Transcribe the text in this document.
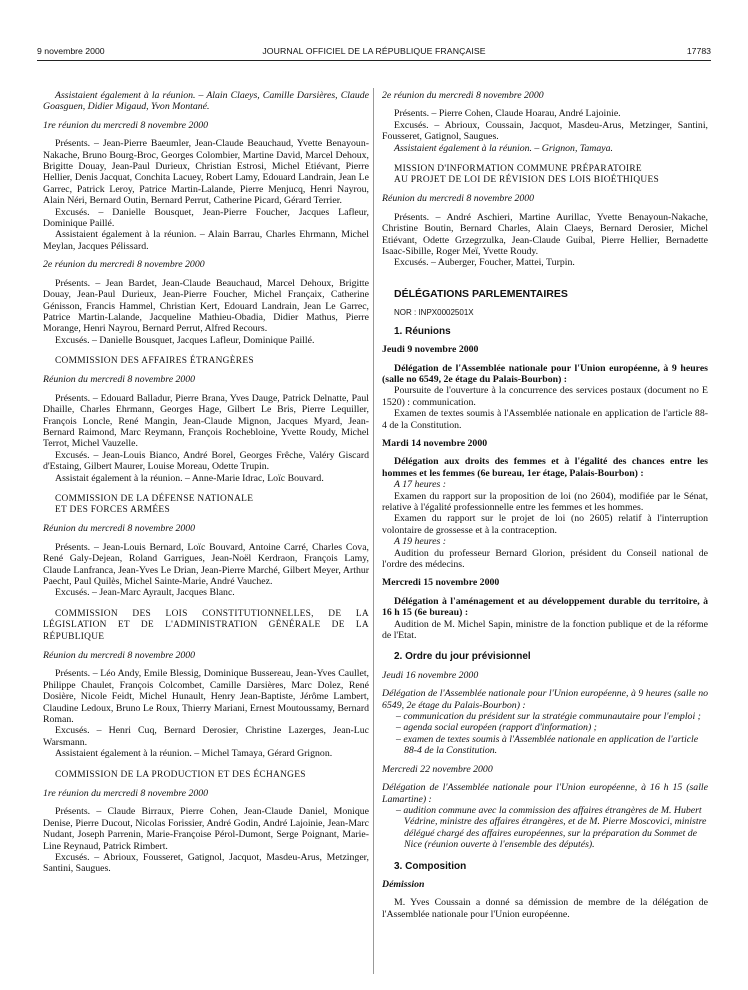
9 novembre 2000	JOURNAL OFFICIEL DE LA RÉPUBLIQUE FRANÇAISE	17783

Assistaient également à la réunion. – Alain Claeys, Camille Darsières, Claude Goasguen, Didier Migaud, Yvon Montané.

1re réunion du mercredi 8 novembre 2000

Présents. – Jean-Pierre Baeumler, Jean-Claude Beauchaud, Yvette Benayoun-Nakache, Bruno Bourg-Broc, Georges Colombier, Martine David, Marcel Dehoux, Brigitte Douay, Jean-Paul Durieux, Christian Estrosi, Michel Etiévant, Pierre Hellier, Denis Jacquat, Conchita Lacuey, Robert Lamy, Edouard Landrain, Jean Le Garrec, Patrick Leroy, Patrice Martin-Lalande, Pierre Menjucq, Henri Nayrou, Alain Néri, Bernard Outin, Bernard Perrut, Catherine Picard, Gérard Terrier.

Excusés. – Danielle Bousquet, Jean-Pierre Foucher, Jacques Lafleur, Dominique Paillé.

Assistaient également à la réunion. – Alain Barrau, Charles Ehrmann, Michel Meylan, Jacques Pélissard.

2e réunion du mercredi 8 novembre 2000

Présents. – Jean Bardet, Jean-Claude Beauchaud, Marcel Dehoux, Brigitte Douay, Jean-Paul Durieux, Jean-Pierre Foucher, Michel Françaix, Catherine Génisson, Francis Hammel, Christian Kert, Edouard Landrain, Jean Le Garrec, Patrice Martin-Lalande, Jacqueline Mathieu-Obadia, Didier Mathus, Pierre Morange, Henri Nayrou, Bernard Perrut, Alfred Recours.

Excusés. – Danielle Bousquet, Jacques Lafleur, Dominique Paillé.

COMMISSION DES AFFAIRES ÉTRANGÈRES

Réunion du mercredi 8 novembre 2000

Présents. – Edouard Balladur, Pierre Brana, Yves Dauge, Patrick Delnatte, Paul Dhaille, Charles Ehrmann, Georges Hage, Gilbert Le Bris, Pierre Lequiller, François Loncle, René Mangin, Jean-Claude Mignon, Jacques Myard, Jean-Bernard Raimond, Marc Reymann, François Rochebloine, Yvette Roudy, Michel Terrot, Michel Vauzelle.

Excusés. – Jean-Louis Bianco, André Borel, Georges Frêche, Valéry Giscard d'Estaing, Gilbert Maurer, Louise Moreau, Odette Trupin.

Assistait également à la réunion. – Anne-Marie Idrac, Loïc Bouvard.

COMMISSION DE LA DÉFENSE NATIONALE

ET DES FORCES ARMÉES

Réunion du mercredi 8 novembre 2000

Présents. – Jean-Louis Bernard, Loïc Bouvard, Antoine Carré, Charles Cova, René Galy-Dejean, Roland Garrigues, Jean-Noël Kerdraon, François Lamy, Claude Lanfranca, Jean-Yves Le Drian, Jean-Pierre Marché, Gilbert Meyer, Arthur Paecht, Paul Quilès, Michel Sainte-Marie, André Vauchez.

Excusés. – Jean-Marc Ayrault, Jacques Blanc.

COMMISSION DES LOIS CONSTITUTIONNELLES, DE LA LÉGISLATION ET DE L'ADMINISTRATION GÉNÉRALE DE LA RÉPUBLIQUE

Réunion du mercredi 8 novembre 2000

Présents. – Léo Andy, Emile Blessig, Dominique Bussereau, Jean-Yves Caullet, Philippe Chaulet, François Colcombet, Camille Darsières, Marc Dolez, René Dosière, Nicole Feidt, Michel Hunault, Henry Jean-Baptiste, Jérôme Lambert, Claudine Ledoux, Bruno Le Roux, Thierry Mariani, Ernest Moutoussamy, Bernard Roman.

Excusés. – Henri Cuq, Bernard Derosier, Christine Lazerges, Jean-Luc Warsmann.

Assistaient également à la réunion. – Michel Tamaya, Gérard Grignon.

COMMISSION DE LA PRODUCTION ET DES ÉCHANGES

1re réunion du mercredi 8 novembre 2000

Présents. – Claude Birraux, Pierre Cohen, Jean-Claude Daniel, Monique Denise, Pierre Ducout, Nicolas Forissier, André Godin, André Lajoinie, Jean-Marc Nudant, Joseph Parrenin, Marie-Françoise Pérol-Dumont, Serge Poignant, Marie-Line Reynaud, Patrick Rimbert.

Excusés. – Abrioux, Fousseret, Gatignol, Jacquot, Masdeu-Arus, Metzinger, Santini, Saugues.

2e réunion du mercredi 8 novembre 2000

Présents. – Pierre Cohen, Claude Hoarau, André Lajoinie.

Excusés. – Abrioux, Coussain, Jacquot, Masdeu-Arus, Metzinger, Santini, Fousseret, Gatignol, Saugues.

Assistaient également à la réunion. – Grignon, Tamaya.

MISSION D'INFORMATION COMMUNE PRÉPARATOIRE

AU PROJET DE LOI DE RÉVISION DES LOIS BIOÉTHIQUES

Réunion du mercredi 8 novembre 2000

Présents. – André Aschieri, Martine Aurillac, Yvette Benayoun-Nakache, Christine Boutin, Bernard Charles, Alain Claeys, Bernard Derosier, Michel Etiévant, Odette Grzegrzulka, Jean-Claude Guibal, Pierre Hellier, Bernadette Isaac-Sibille, Roger Meï, Yvette Roudy.

Excusés. – Auberger, Foucher, Mattei, Turpin.

DÉLÉGATIONS PARLEMENTAIRES

NOR : INPX0002501X

1. Réunions

Jeudi 9 novembre 2000

Délégation de l'Assemblée nationale pour l'Union européenne, à 9 heures (salle no 6549, 2e étage du Palais-Bourbon) :

Poursuite de l'ouverture à la concurrence des services postaux (document no E 1520) : communication.

Examen de textes soumis à l'Assemblée nationale en application de l'article 88-4 de la Constitution.

Mardi 14 novembre 2000

Délégation aux droits des femmes et à l'égalité des chances entre les hommes et les femmes (6e bureau, 1er étage, Palais-Bourbon) :

A 17 heures :

Examen du rapport sur la proposition de loi (no 2604), modifiée par le Sénat, relative à l'égalité professionnelle entre les femmes et les hommes.

Examen du rapport sur le projet de loi (no 2605) relatif à l'interruption volontaire de grossesse et à la contraception.

A 19 heures :

Audition du professeur Bernard Glorion, président du Conseil national de l'ordre des médecins.

Mercredi 15 novembre 2000

Délégation à l'aménagement et au développement durable du territoire, à 16 h 15 (6e bureau) :

Audition de M. Michel Sapin, ministre de la fonction publique et de la réforme de l'Etat.

2. Ordre du jour prévisionnel

Jeudi 16 novembre 2000

Délégation de l'Assemblée nationale pour l'Union européenne, à 9 heures (salle no 6549, 2e étage du Palais-Bourbon) :

– communication du président sur la stratégie communautaire pour l'emploi ;
– agenda social européen (rapport d'information) ;
– examen de textes soumis à l'Assemblée nationale en application de l'article 88-4 de la Constitution.

Mercredi 22 novembre 2000

Délégation de l'Assemblée nationale pour l'Union européenne, à 16 h 15 (salle Lamartine) :

– audition commune avec la commission des affaires étrangères de M. Hubert Védrine, ministre des affaires étrangères, et de M. Pierre Moscovici, ministre délégué chargé des affaires européennes, sur la préparation du Sommet de Nice (réunion ouverte à l'ensemble des députés).

3. Composition

Démission

M. Yves Coussain a donné sa démission de membre de la délégation de l'Assemblée nationale pour l'Union européenne.
